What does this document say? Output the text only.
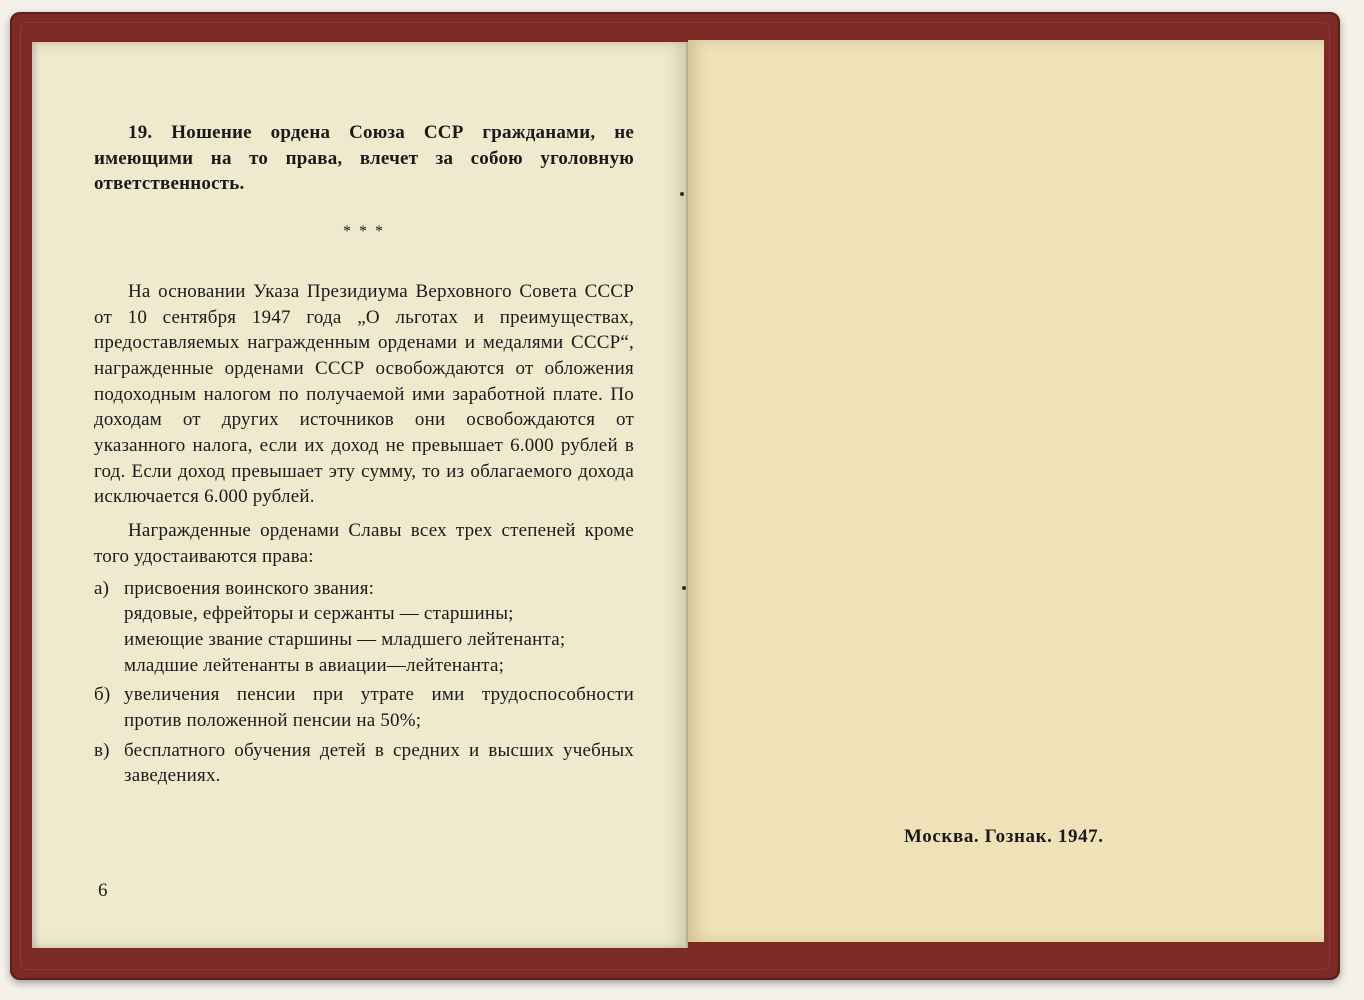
19. Ношение ордена Союза ССР гражданами, не имеющими на то права, влечет за собою уголовную ответственность.

* * *

На основании Указа Президиума Верховного Совета СССР от 10 сентября 1947 года „О льготах и преимуществах, предоставляемых награжденным орденами и медалями СССР“, награжденные орденами СССР освобождаются от обложения подоходным налогом по получаемой ими заработной плате. По доходам от других источников они освобождаются от указанного налога, если их доход не превышает 6.000 рублей в год. Если доход превышает эту сумму, то из облагаемого дохода исключается 6.000 рублей.

Награжденные орденами Славы всех трех степеней кроме того удостаиваются права:

а) присвоения воинского звания:
рядовые, ефрейторы и сержанты — старшины;
имеющие звание старшины — младшего лейтенанта;
младшие лейтенанты в авиации—лейтенанта;
б) увеличения пенсии при утрате ими трудоспособности против положенной пенсии на 50%;
в) бесплатного обучения детей в средних и высших учебных заведениях.
6
Москва. Гознак. 1947.
